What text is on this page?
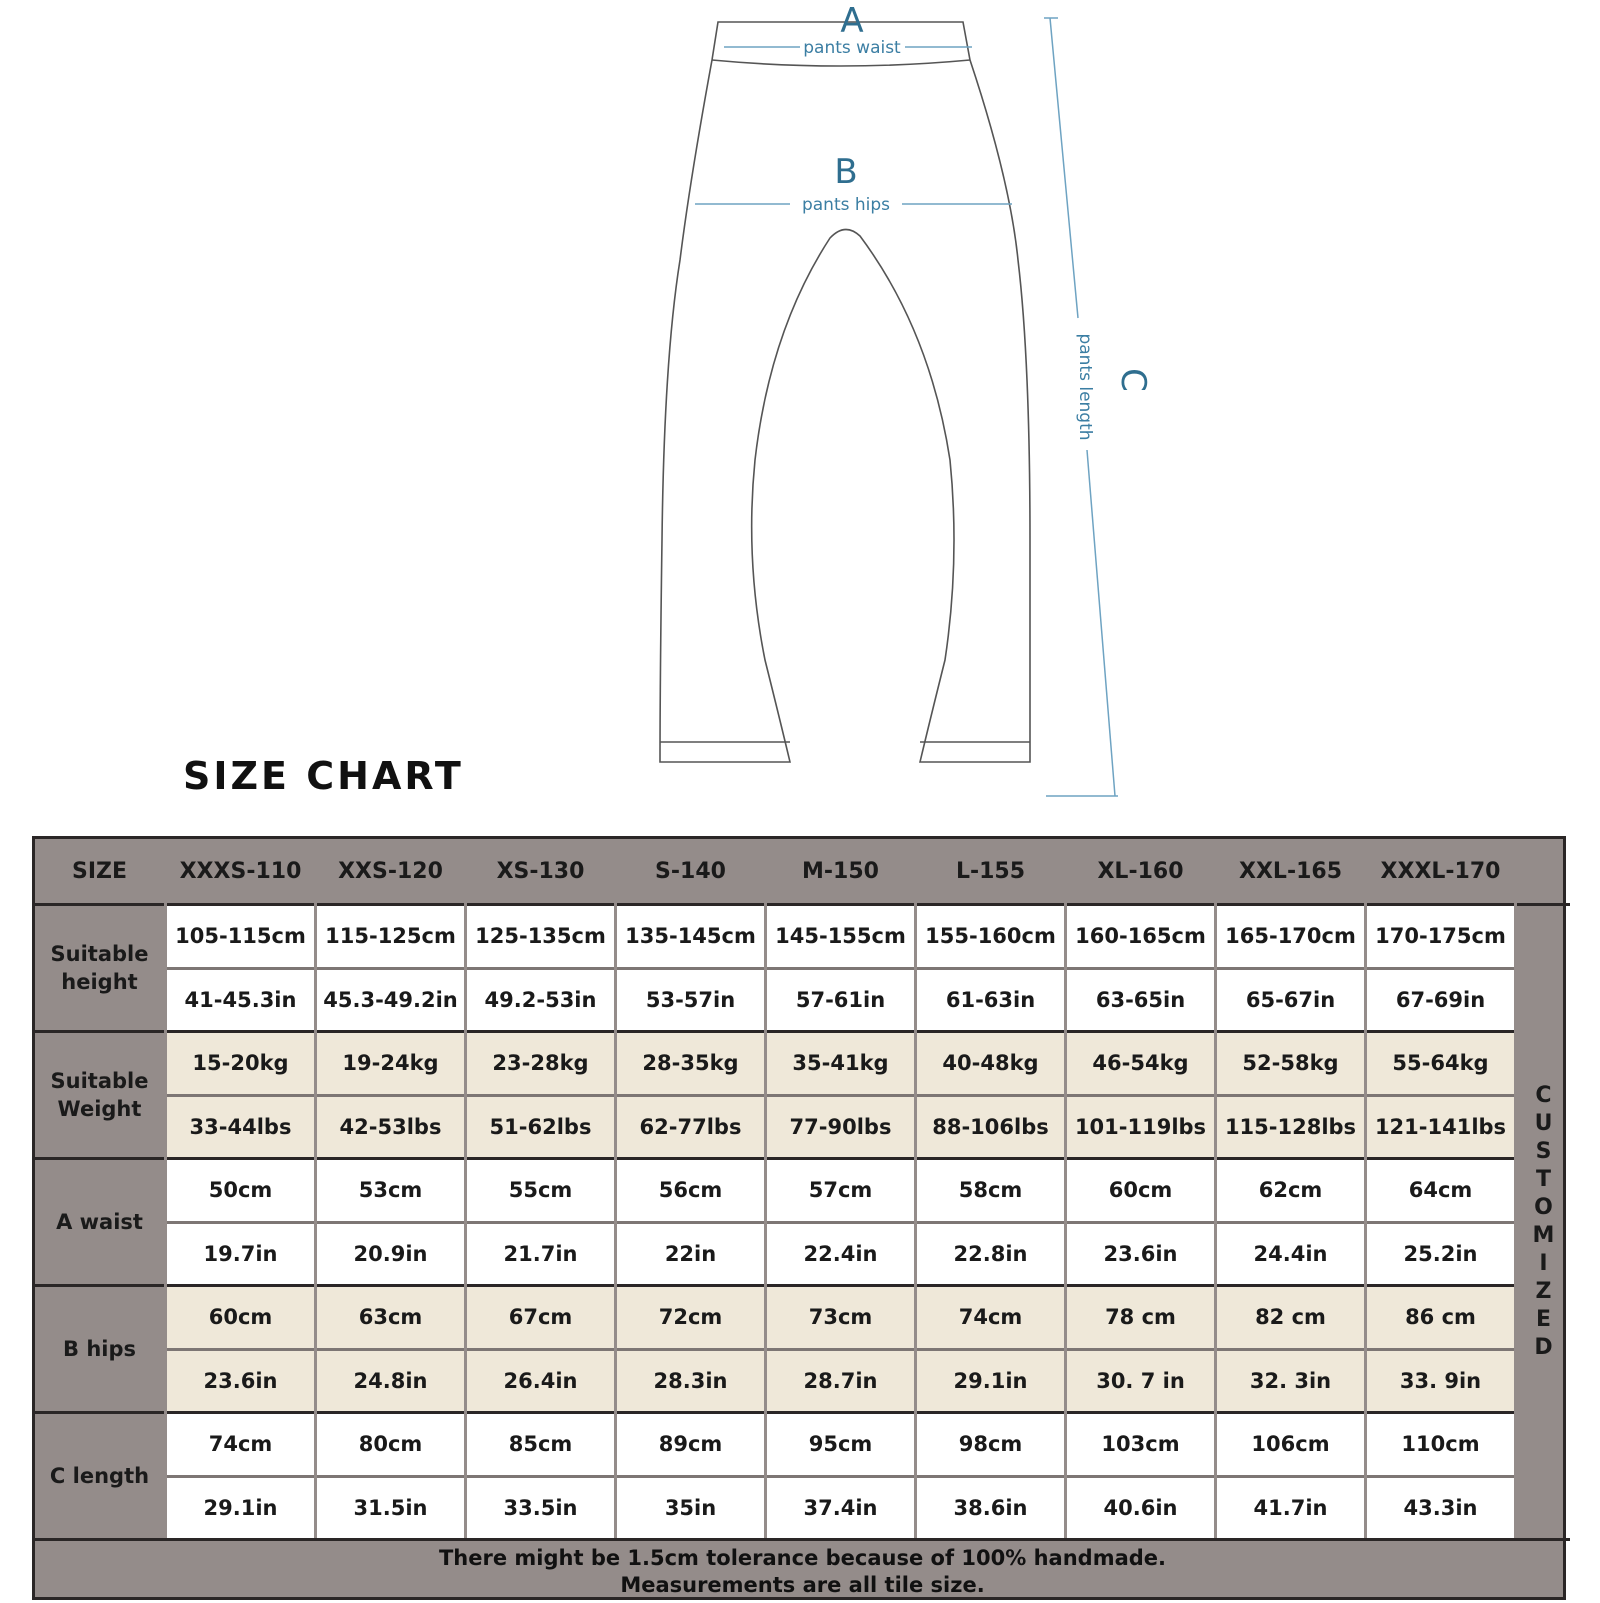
A
pants waist
B
pants hips
C
pants length
SIZE CHART
SIZE	XXXS-110	XXS-120	XS-130	S-140	M-150	L-155	XL-160	XXL-165	XXXL-170
Suitable
height
105-115cm 115-125cm 125-135cm 135-145cm 145-155cm 155-160cm 160-165cm 165-170cm 170-175cm
41-45.3in	45.3-49.2in	49.2-53in	53-57in	57-61in	61-63in	63-65in	65-67in	67-69in
Suitable
Weight
15-20kg	19-24kg	23-28kg	28-35kg	35-41kg	40-48kg	46-54kg	52-58kg	55-64kg
33-44lbs	42-53lbs	51-62lbs	62-77lbs	77-90lbs	88-106lbs	101-119lbs 115-128lbs 121-141lbs
A waist
50cm	53cm	55cm	56cm	57cm	58cm	60cm	62cm	64cm
19.7in	20.9in	21.7in	22in	22.4in	22.8in	23.6in	24.4in	25.2in
B hips
60cm	63cm	67cm	72cm	73cm	74cm	78 cm	82 cm	86 cm
23.6in	24.8in	26.4in	28.3in	28.7in	29.1in	30. 7 in	32. 3in	33. 9in
C length
74cm	80cm	85cm	89cm	95cm	98cm	103cm	106cm	110cm
29.1in	31.5in	33.5in	35in	37.4in	38.6in	40.6in	41.7in	43.3in
C
U
S
T
O
M
I
Z
E
D
There might be 1.5cm tolerance because of 100% handmade.
Measurements are all tile size.
